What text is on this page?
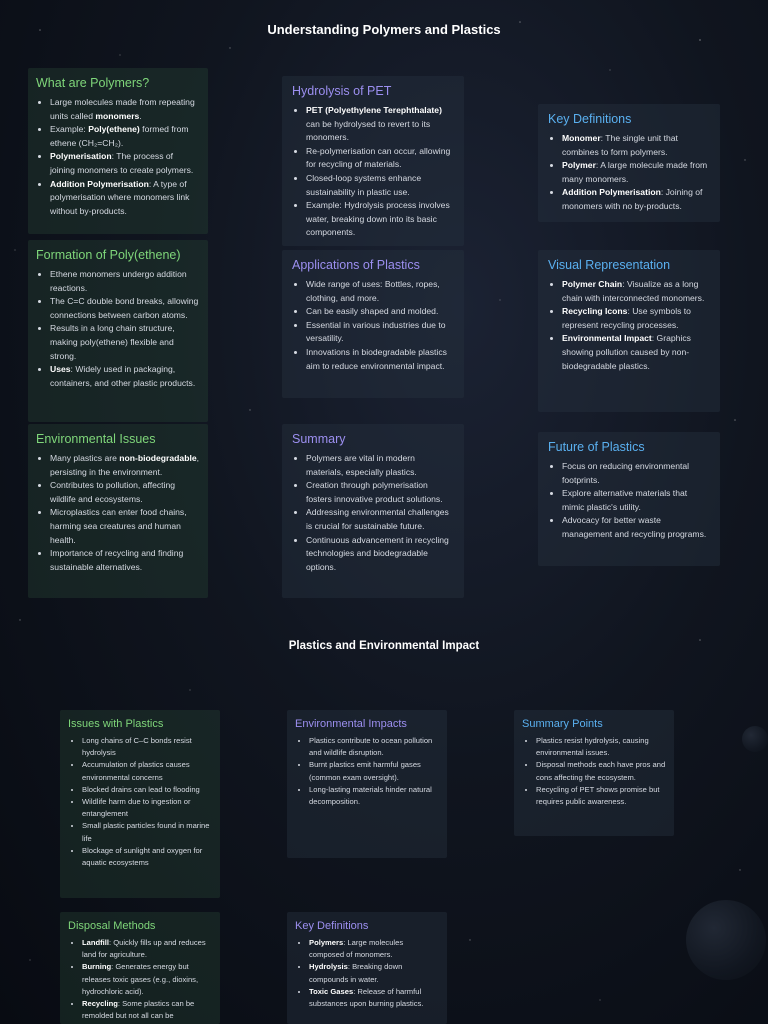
Understanding Polymers and Plastics
What are Polymers?
• Large molecules made from repeating units called monomers.
• Example: Poly(ethene) formed from ethene (CH₂=CH₂).
• Polymerisation: The process of joining monomers to create polymers.
• Addition Polymerisation: A type of polymerisation where monomers link without by-products.
Formation of Poly(ethene)
• Ethene monomers undergo addition reactions.
• The C=C double bond breaks, allowing connections between carbon atoms.
• Results in a long chain structure, making poly(ethene) flexible and strong.
• Uses: Widely used in packaging, containers, and other plastic products.
Environmental Issues
• Many plastics are non-biodegradable, persisting in the environment.
• Contributes to pollution, affecting wildlife and ecosystems.
• Microplastics can enter food chains, harming sea creatures and human health.
• Importance of recycling and finding sustainable alternatives.
Hydrolysis of PET
• PET (Polyethylene Terephthalate) can be hydrolysed to revert to its monomers.
• Re-polymerisation can occur, allowing for recycling of materials.
• Closed-loop systems enhance sustainability in plastic use.
• Example: Hydrolysis process involves water, breaking down into its basic components.
Applications of Plastics
• Wide range of uses: Bottles, ropes, clothing, and more.
• Can be easily shaped and molded.
• Essential in various industries due to versatility.
• Innovations in biodegradable plastics aim to reduce environmental impact.
Summary
• Polymers are vital in modern materials, especially plastics.
• Creation through polymerisation fosters innovative product solutions.
• Addressing environmental challenges is crucial for sustainable future.
• Continuous advancement in recycling technologies and biodegradable options.
Key Definitions
• Monomer: The single unit that combines to form polymers.
• Polymer: A large molecule made from many monomers.
• Addition Polymerisation: Joining of monomers with no by-products.
Visual Representation
• Polymer Chain: Visualize as a long chain with interconnected monomers.
• Recycling Icons: Use symbols to represent recycling processes.
• Environmental Impact: Graphics showing pollution caused by non-biodegradable plastics.
Future of Plastics
• Focus on reducing environmental footprints.
• Explore alternative materials that mimic plastic's utility.
• Advocacy for better waste management and recycling programs.
Plastics and Environmental Impact
Issues with Plastics
• Long chains of C–C bonds resist hydrolysis
• Accumulation of plastics causes environmental concerns
• Blocked drains can lead to flooding
• Wildlife harm due to ingestion or entanglement
• Small plastic particles found in marine life
• Blockage of sunlight and oxygen for aquatic ecosystems
Environmental Impacts
• Plastics contribute to ocean pollution and wildlife disruption.
• Burnt plastics emit harmful gases (common exam oversight).
• Long-lasting materials hinder natural decomposition.
Summary Points
• Plastics resist hydrolysis, causing environmental issues.
• Disposal methods each have pros and cons affecting the ecosystem.
• Recycling of PET shows promise but requires public awareness.
Disposal Methods
• Landfill: Quickly fills up and reduces land for agriculture.
• Burning: Generates energy but releases toxic gases (e.g., dioxins, hydrochloric acid).
• Recycling: Some plastics can be remolded but not all can be
Key Definitions
• Polymers: Large molecules composed of monomers.
• Hydrolysis: Breaking down compounds in water.
• Toxic Gases: Release of harmful substances upon burning plastics.
